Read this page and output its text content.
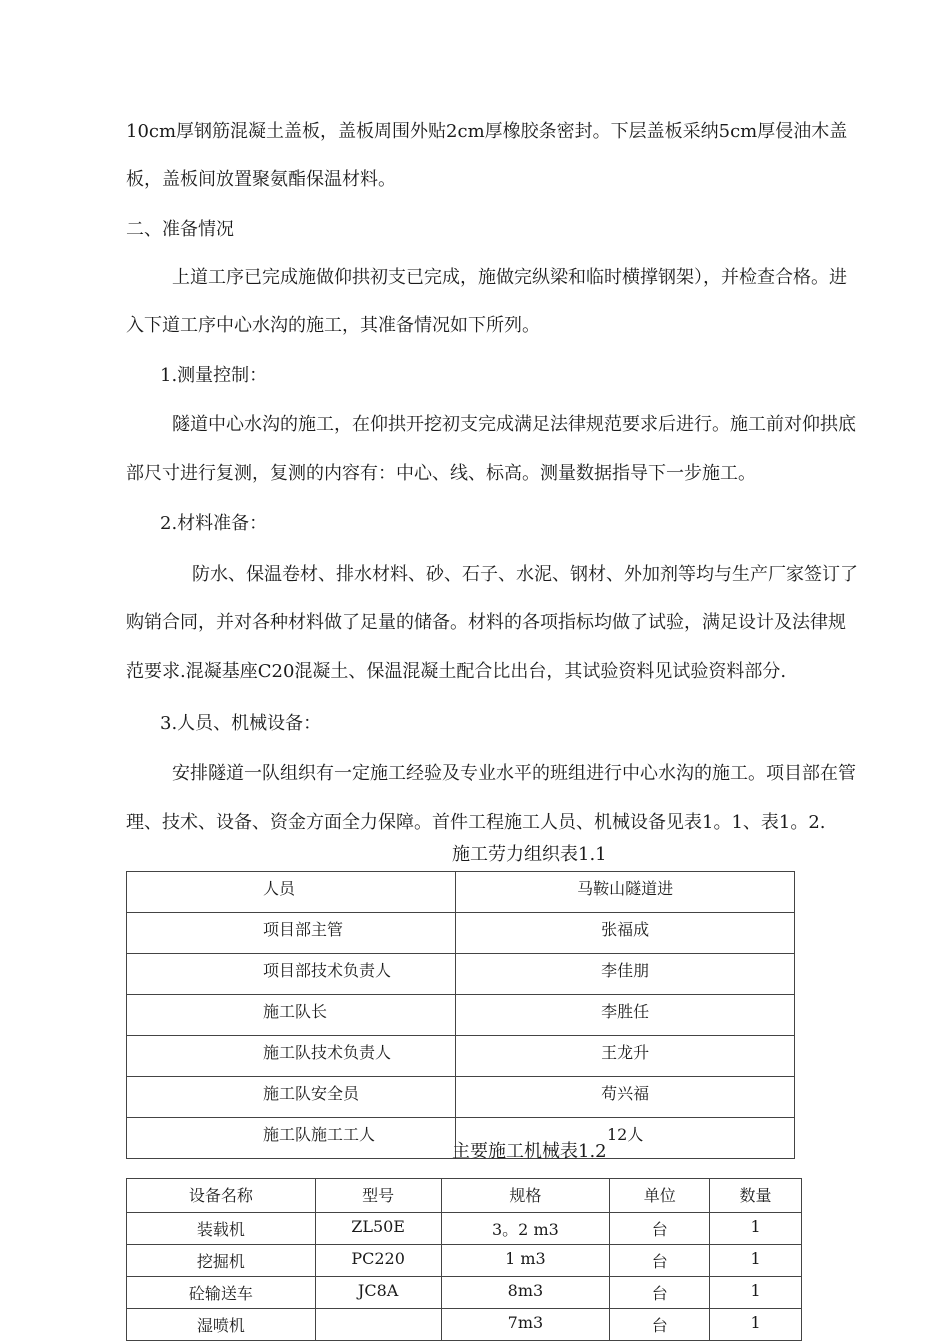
10cm厚钢筋混凝土盖板，盖板周围外贴2cm厚橡胶条密封。下层盖板采纳5cm厚侵油木盖
板，盖板间放置聚氨酯保温材料。
二、准备情况
上道工序已完成施做仰拱初支已完成，施做完纵梁和临时横撑钢架），并检查合格。进
入下道工序中心水沟的施工，其准备情况如下所列。
1.测量控制：
隧道中心水沟的施工，在仰拱开挖初支完成满足法律规范要求后进行。施工前对仰拱底
部尺寸进行复测，复测的内容有：中心、线、标高。测量数据指导下一步施工。
2.材料准备：
防水、保温卷材、排水材料、砂、石子、水泥、钢材、外加剂等均与生产厂家签订了
购销合同，并对各种材料做了足量的储备。材料的各项指标均做了试验，满足设计及法律规
范要求.混凝基座C20混凝土、保温混凝土配合比出台，其试验资料见试验资料部分.
3.人员、机械设备：
安排隧道一队组织有一定施工经验及专业水平的班组进行中心水沟的施工。项目部在管
理、技术、设备、资金方面全力保障。首件工程施工人员、机械设备见表1。1、表1。2.
施工劳力组织表1.1
人员	马鞍山隧道进
项目部主管	张福成
项目部技术负责人	李佳朋
施工队长	李胜任
施工队技术负责人	王龙升
施工队安全员	苟兴福
施工队施工工人	12人
主要施工机械表1.2
设备名称	型号	规格	单位	数量
装载机	ZL50E	3。2 m3	台	1
挖掘机	PC220	1 m3	台	1
砼输送车	JC8A	8m3	台	1
湿喷机		7m3	台	1
